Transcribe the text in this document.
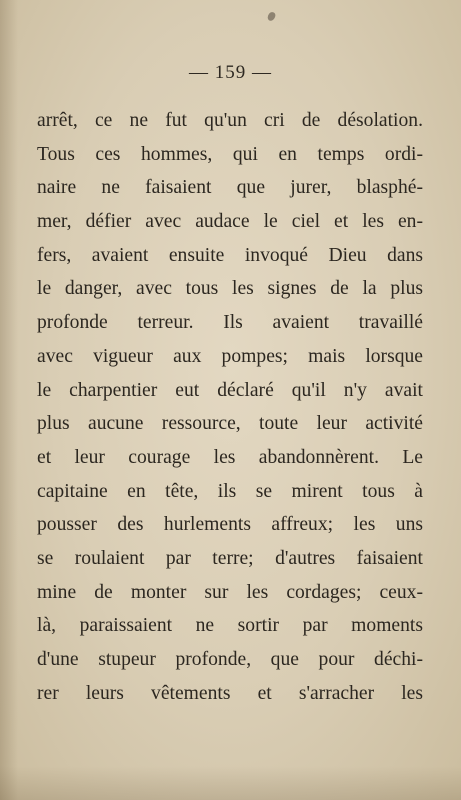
— 159 —
arrêt, ce ne fut qu'un cri de désolation.
Tous ces hommes, qui en temps ordi-
naire ne faisaient que jurer, blasphé-
mer, défier avec audace le ciel et les en-
fers, avaient ensuite invoqué Dieu dans
le danger, avec tous les signes de la plus
profonde terreur. Ils avaient travaillé
avec vigueur aux pompes; mais lorsque
le charpentier eut déclaré qu'il n'y avait
plus aucune ressource, toute leur activité
et leur courage les abandonnèrent. Le
capitaine en tête, ils se mirent tous à
pousser des hurlements affreux; les uns
se roulaient par terre; d'autres faisaient
mine de monter sur les cordages; ceux-
là, paraissaient ne sortir par moments
d'une stupeur profonde, que pour déchi-
rer leurs vêtements et s'arracher les
